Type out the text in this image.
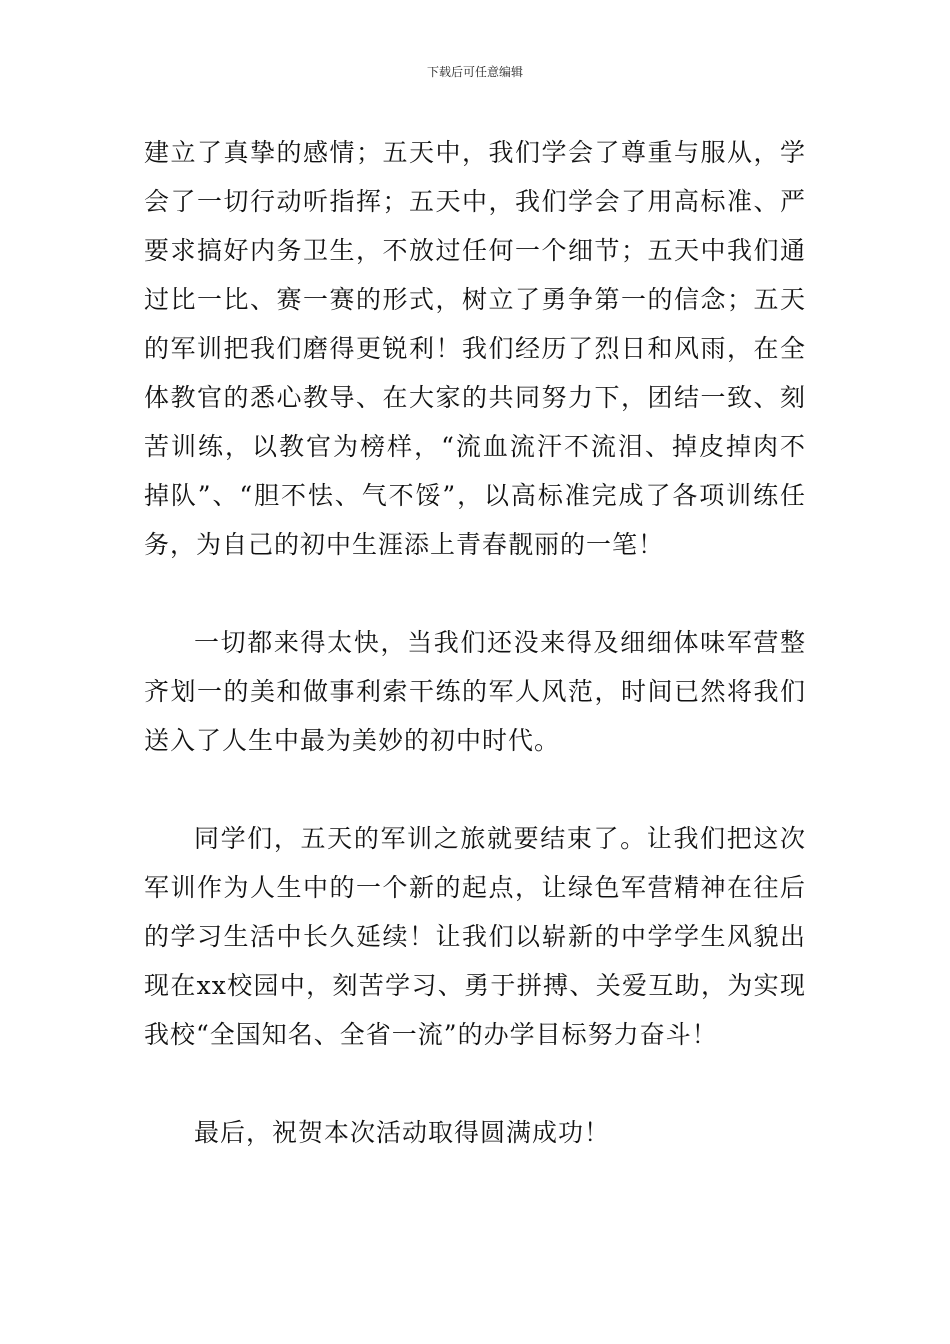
下载后可任意编辑

建立了真挚的感情；五天中，我们学会了尊重与服从，学会了一切行动听指挥；五天中，我们学会了用高标准、严要求搞好内务卫生，不放过任何一个细节；五天中我们通过比一比、赛一赛的形式，树立了勇争第一的信念；五天的军训把我们磨得更锐利！我们经历了烈日和风雨，在全体教官的悉心教导、在大家的共同努力下，团结一致、刻苦训练，以教官为榜样，“流血流汗不流泪、掉皮掉肉不掉队”、“胆不怯、气不馁”，以高标准完成了各项训练任务，为自己的初中生涯添上青春靓丽的一笔！

一切都来得太快，当我们还没来得及细细体味军营整齐划一的美和做事利索干练的军人风范，时间已然将我们送入了人生中最为美妙的初中时代。

同学们，五天的军训之旅就要结束了。让我们把这次军训作为人生中的一个新的起点，让绿色军营精神在往后的学习生活中长久延续！让我们以崭新的中学学生风貌出现在xx校园中，刻苦学习、勇于拼搏、关爱互助，为实现我校“全国知名、全省一流”的办学目标努力奋斗！

最后，祝贺本次活动取得圆满成功！
